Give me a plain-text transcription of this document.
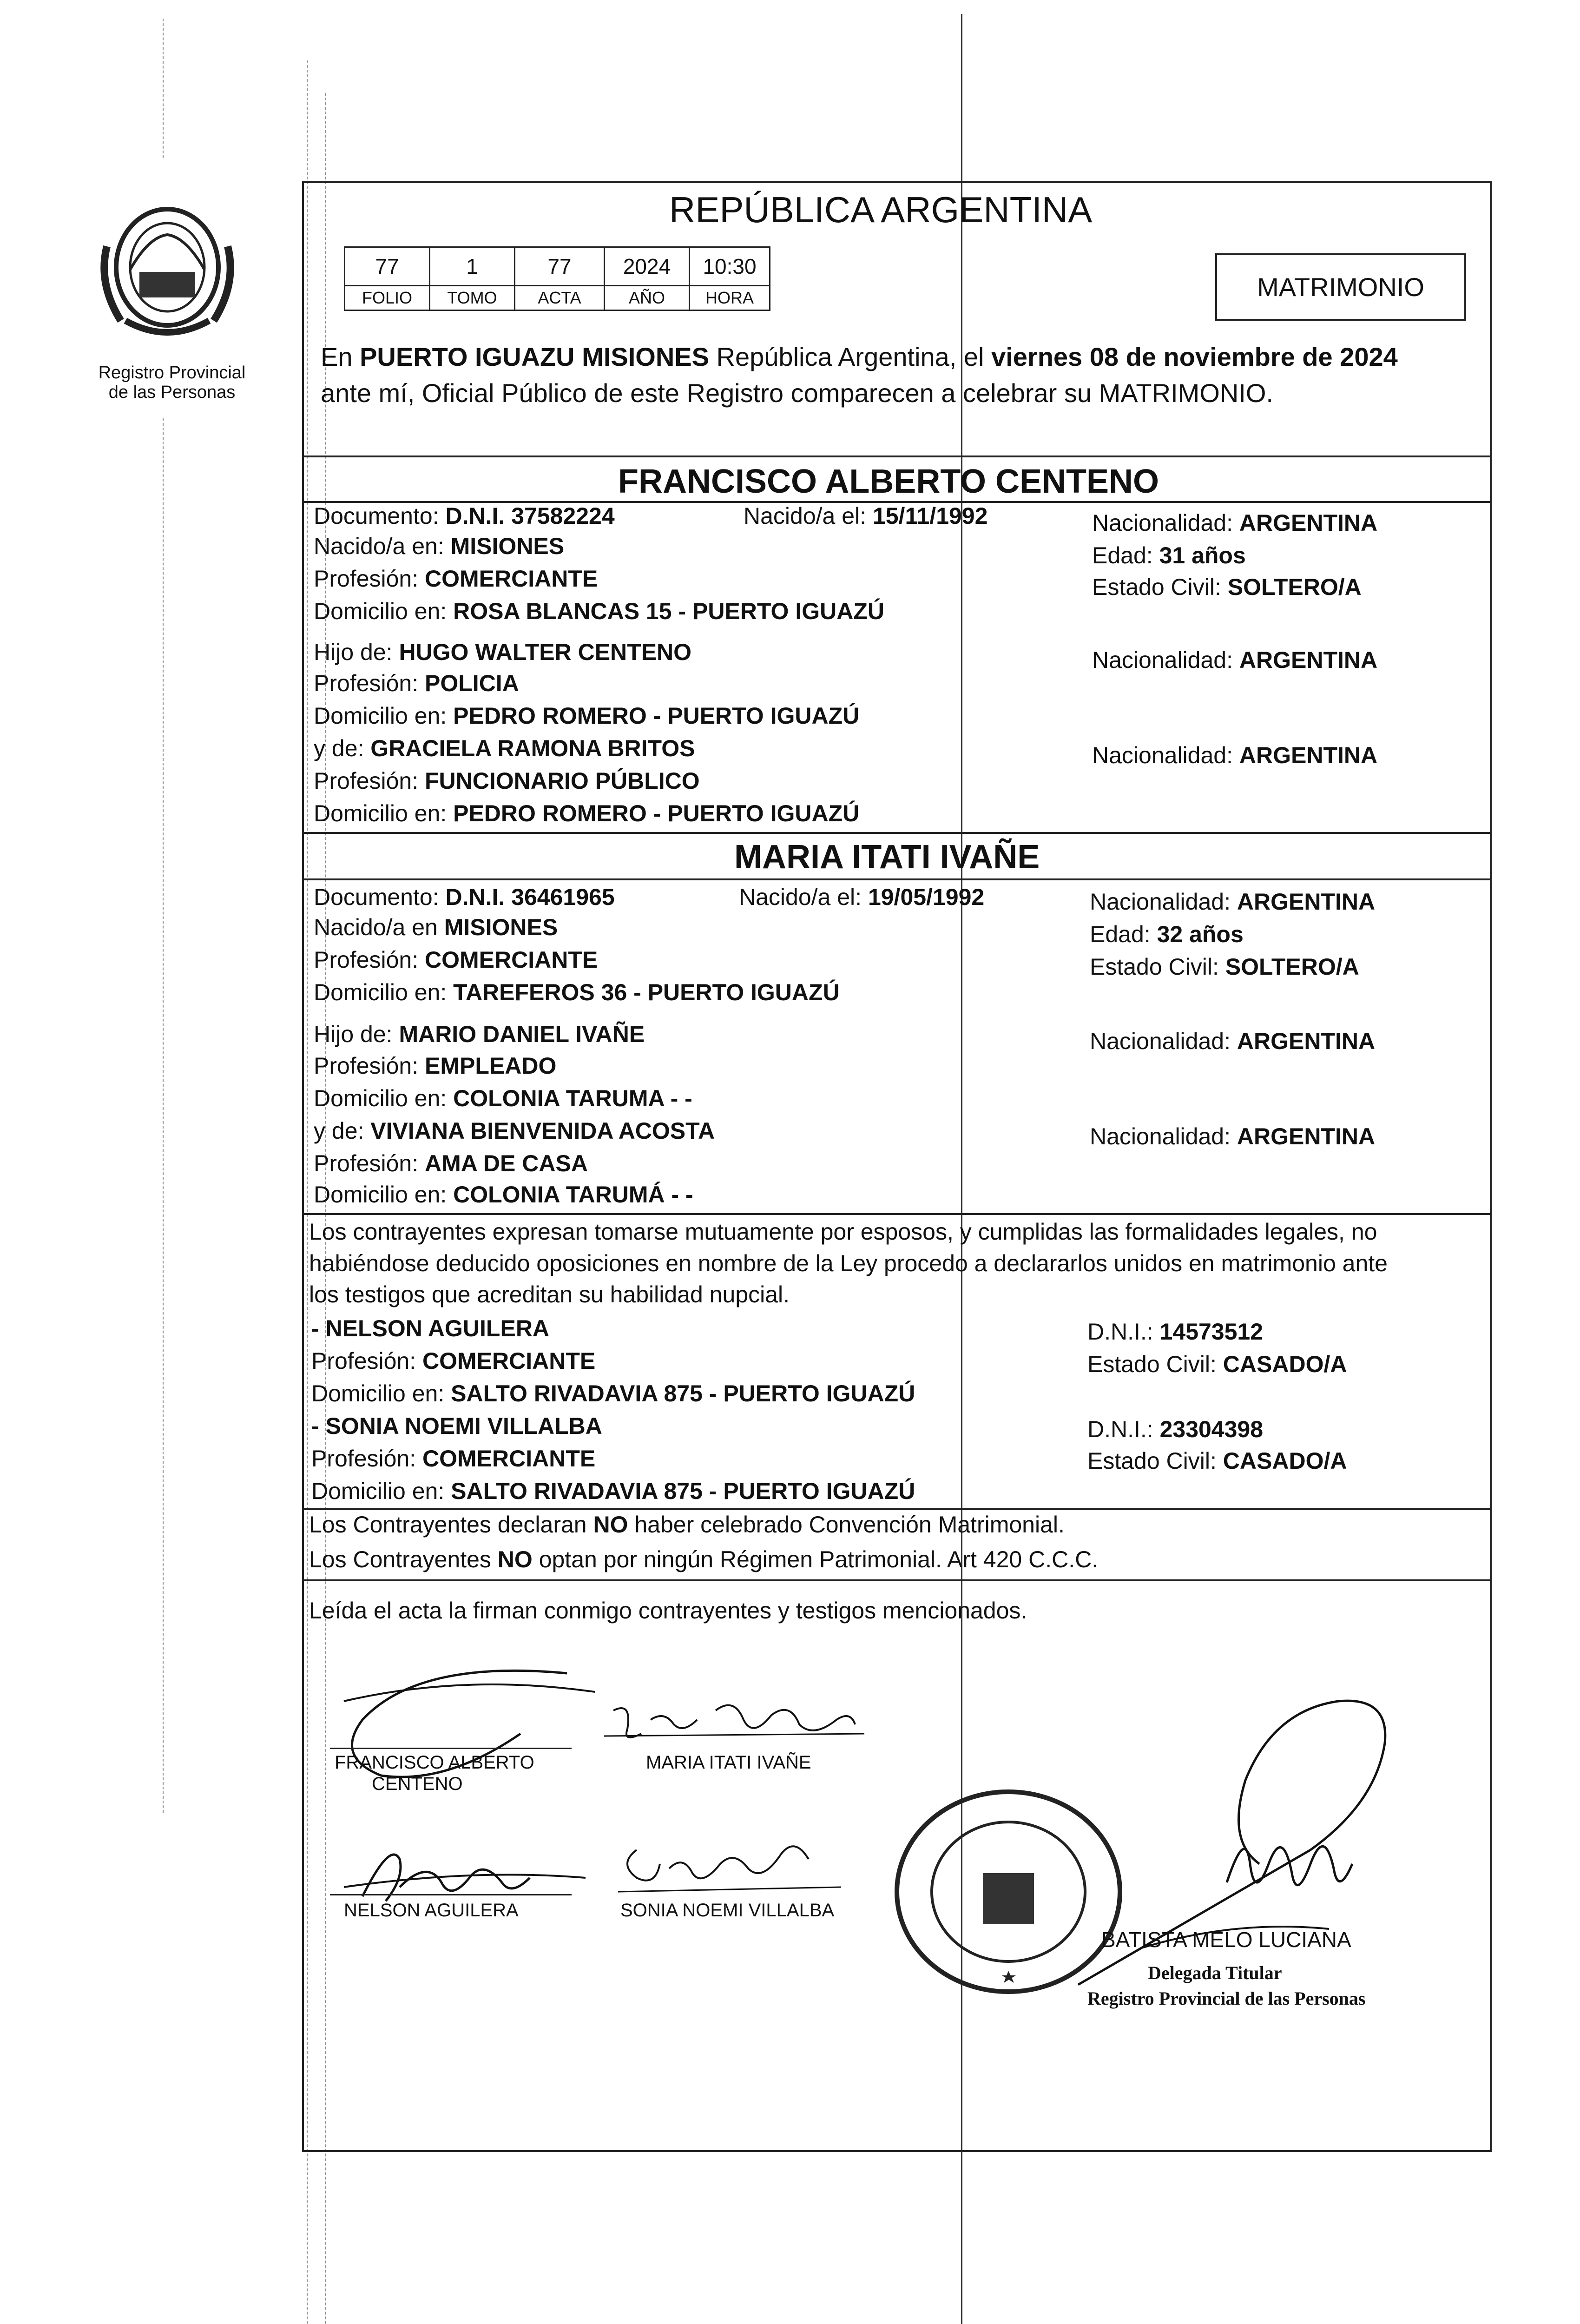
Registro Provincial
de las Personas
REPÚBLICA ARGENTINA
77	1	77	2024	10:30
FOLIO	TOMO	ACTA	AÑO	HORA	MATRIMONIO
En PUERTO IGUAZU MISIONES República Argentina, el viernes 08 de noviembre de 2024
ante mí, Oficial Público de este Registro comparecen a celebrar su MATRIMONIO.
FRANCISCO ALBERTO CENTENO
Documento: D.N.I. 37582224	Nacido/a el: 15/11/1992	Nacionalidad: ARGENTINA
Nacido/a en: MISIONES	Edad: 31 años
Profesión: COMERCIANTE	Estado Civil: SOLTERO/A
Domicilio en: ROSA BLANCAS 15 - PUERTO IGUAZÚ
Hijo de: HUGO WALTER CENTENO	Nacionalidad: ARGENTINA
Profesión: POLICIA
Domicilio en: PEDRO ROMERO - PUERTO IGUAZÚ
y de: GRACIELA RAMONA BRITOS	Nacionalidad: ARGENTINA
Profesión: FUNCIONARIO PÚBLICO
Domicilio en: PEDRO ROMERO - PUERTO IGUAZÚ
MARIA ITATI IVAÑE
Documento: D.N.I. 36461965	Nacido/a el: 19/05/1992	Nacionalidad: ARGENTINA
Nacido/a en MISIONES	Edad: 32 años
Profesión: COMERCIANTE	Estado Civil: SOLTERO/A
Domicilio en: TAREFEROS 36 - PUERTO IGUAZÚ
Hijo de: MARIO DANIEL IVAÑE	Nacionalidad: ARGENTINA
Profesión: EMPLEADO
Domicilio en: COLONIA TARUMA - -
y de: VIVIANA BIENVENIDA ACOSTA	Nacionalidad: ARGENTINA
Profesión: AMA DE CASA
Domicilio en: COLONIA TARUMÁ - -
Los contrayentes expresan tomarse mutuamente por esposos, y cumplidas las formalidades legales, no
habiéndose deducido oposiciones en nombre de la Ley procedo a declararlos unidos en matrimonio ante
los testigos que acreditan su habilidad nupcial.
- NELSON AGUILERA	D.N.I.: 14573512
Profesión: COMERCIANTE	Estado Civil: CASADO/A
Domicilio en: SALTO RIVADAVIA 875 - PUERTO IGUAZÚ
- SONIA NOEMI VILLALBA	D.N.I.: 23304398
Profesión: COMERCIANTE	Estado Civil: CASADO/A
Domicilio en: SALTO RIVADAVIA 875 - PUERTO IGUAZÚ
Los Contrayentes declaran NO haber celebrado Convención Matrimonial.
Los Contrayentes NO optan por ningún Régimen Patrimonial. Art 420 C.C.C.
Leída el acta la firman conmigo contrayentes y testigos mencionados.
FRANCISCO ALBERTO
CENTENO
MARIA ITATI IVAÑE
NELSON AGUILERA	SONIA NOEMI VILLALBA
BATISTA MELO LUCIANA
Delegada Titular
Registro Provincial de las Personas
